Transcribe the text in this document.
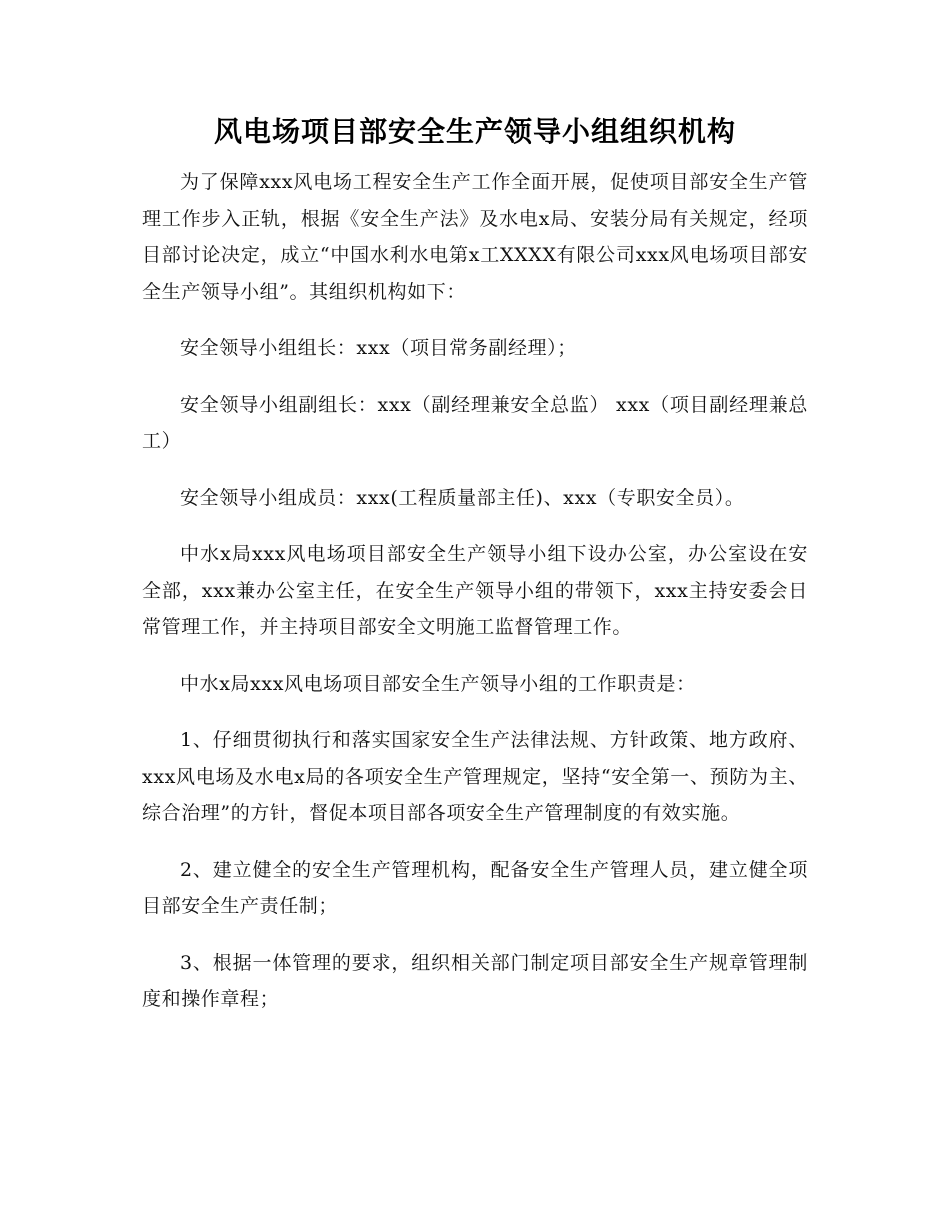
风电场项目部安全生产领导小组组织机构

为了保障xxx风电场工程安全生产工作全面开展，促使项目部安全生产管理工作步入正轨，根据《安全生产法》及水电x局、安装分局有关规定，经项目部讨论决定，成立“中国水利水电第x工XXXX有限公司xxx风电场项目部安全生产领导小组”。其组织机构如下：

安全领导小组组长：xxx（项目常务副经理）；

安全领导小组副组长：xxx（副经理兼安全总监） xxx（项目副经理兼总工）

安全领导小组成员：xxx(工程质量部主任)、xxx（专职安全员）。

中水x局xxx风电场项目部安全生产领导小组下设办公室，办公室设在安全部，xxx兼办公室主任，在安全生产领导小组的带领下，xxx主持安委会日常管理工作，并主持项目部安全文明施工监督管理工作。

中水x局xxx风电场项目部安全生产领导小组的工作职责是：

1、仔细贯彻执行和落实国家安全生产法律法规、方针政策、地方政府、xxx风电场及水电x局的各项安全生产管理规定，坚持“安全第一、预防为主、综合治理”的方针，督促本项目部各项安全生产管理制度的有效实施。

2、建立健全的安全生产管理机构，配备安全生产管理人员，建立健全项目部安全生产责任制；

3、根据一体管理的要求，组织相关部门制定项目部安全生产规章管理制度和操作章程；
